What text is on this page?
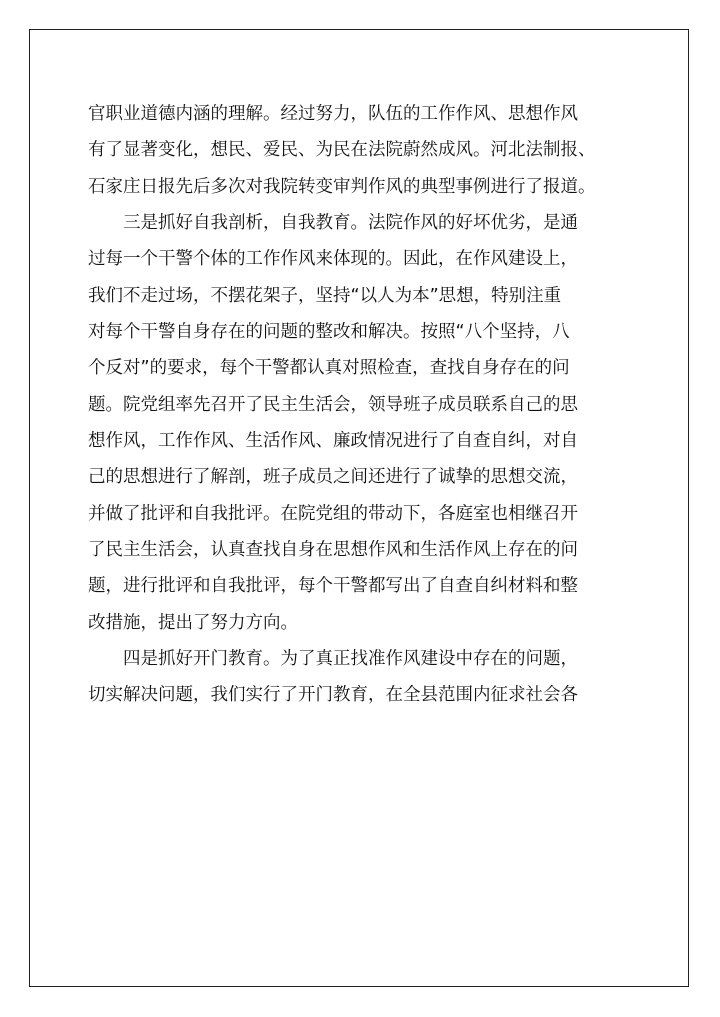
官职业道德内涵的理解。经过努力，队伍的工作作风、思想作风
有了显著变化，想民、爱民、为民在法院蔚然成风。河北法制报、
石家庄日报先后多次对我院转变审判作风的典型事例进行了报道。
三是抓好自我剖析，自我教育。法院作风的好坏优劣，是通
过每一个干警个体的工作作风来体现的。因此，在作风建设上，
我们不走过场，不摆花架子，坚持“以人为本”思想，特别注重
对每个干警自身存在的问题的整改和解决。按照“八个坚持，八
个反对”的要求，每个干警都认真对照检查，查找自身存在的问
题。院党组率先召开了民主生活会，领导班子成员联系自己的思
想作风，工作作风、生活作风、廉政情况进行了自查自纠，对自
己的思想进行了解剖，班子成员之间还进行了诚挚的思想交流，
并做了批评和自我批评。在院党组的带动下，各庭室也相继召开
了民主生活会，认真查找自身在思想作风和生活作风上存在的问
题，进行批评和自我批评，每个干警都写出了自查自纠材料和整
改措施，提出了努力方向。
四是抓好开门教育。为了真正找准作风建设中存在的问题，
切实解决问题，我们实行了开门教育，在全县范围内征求社会各
